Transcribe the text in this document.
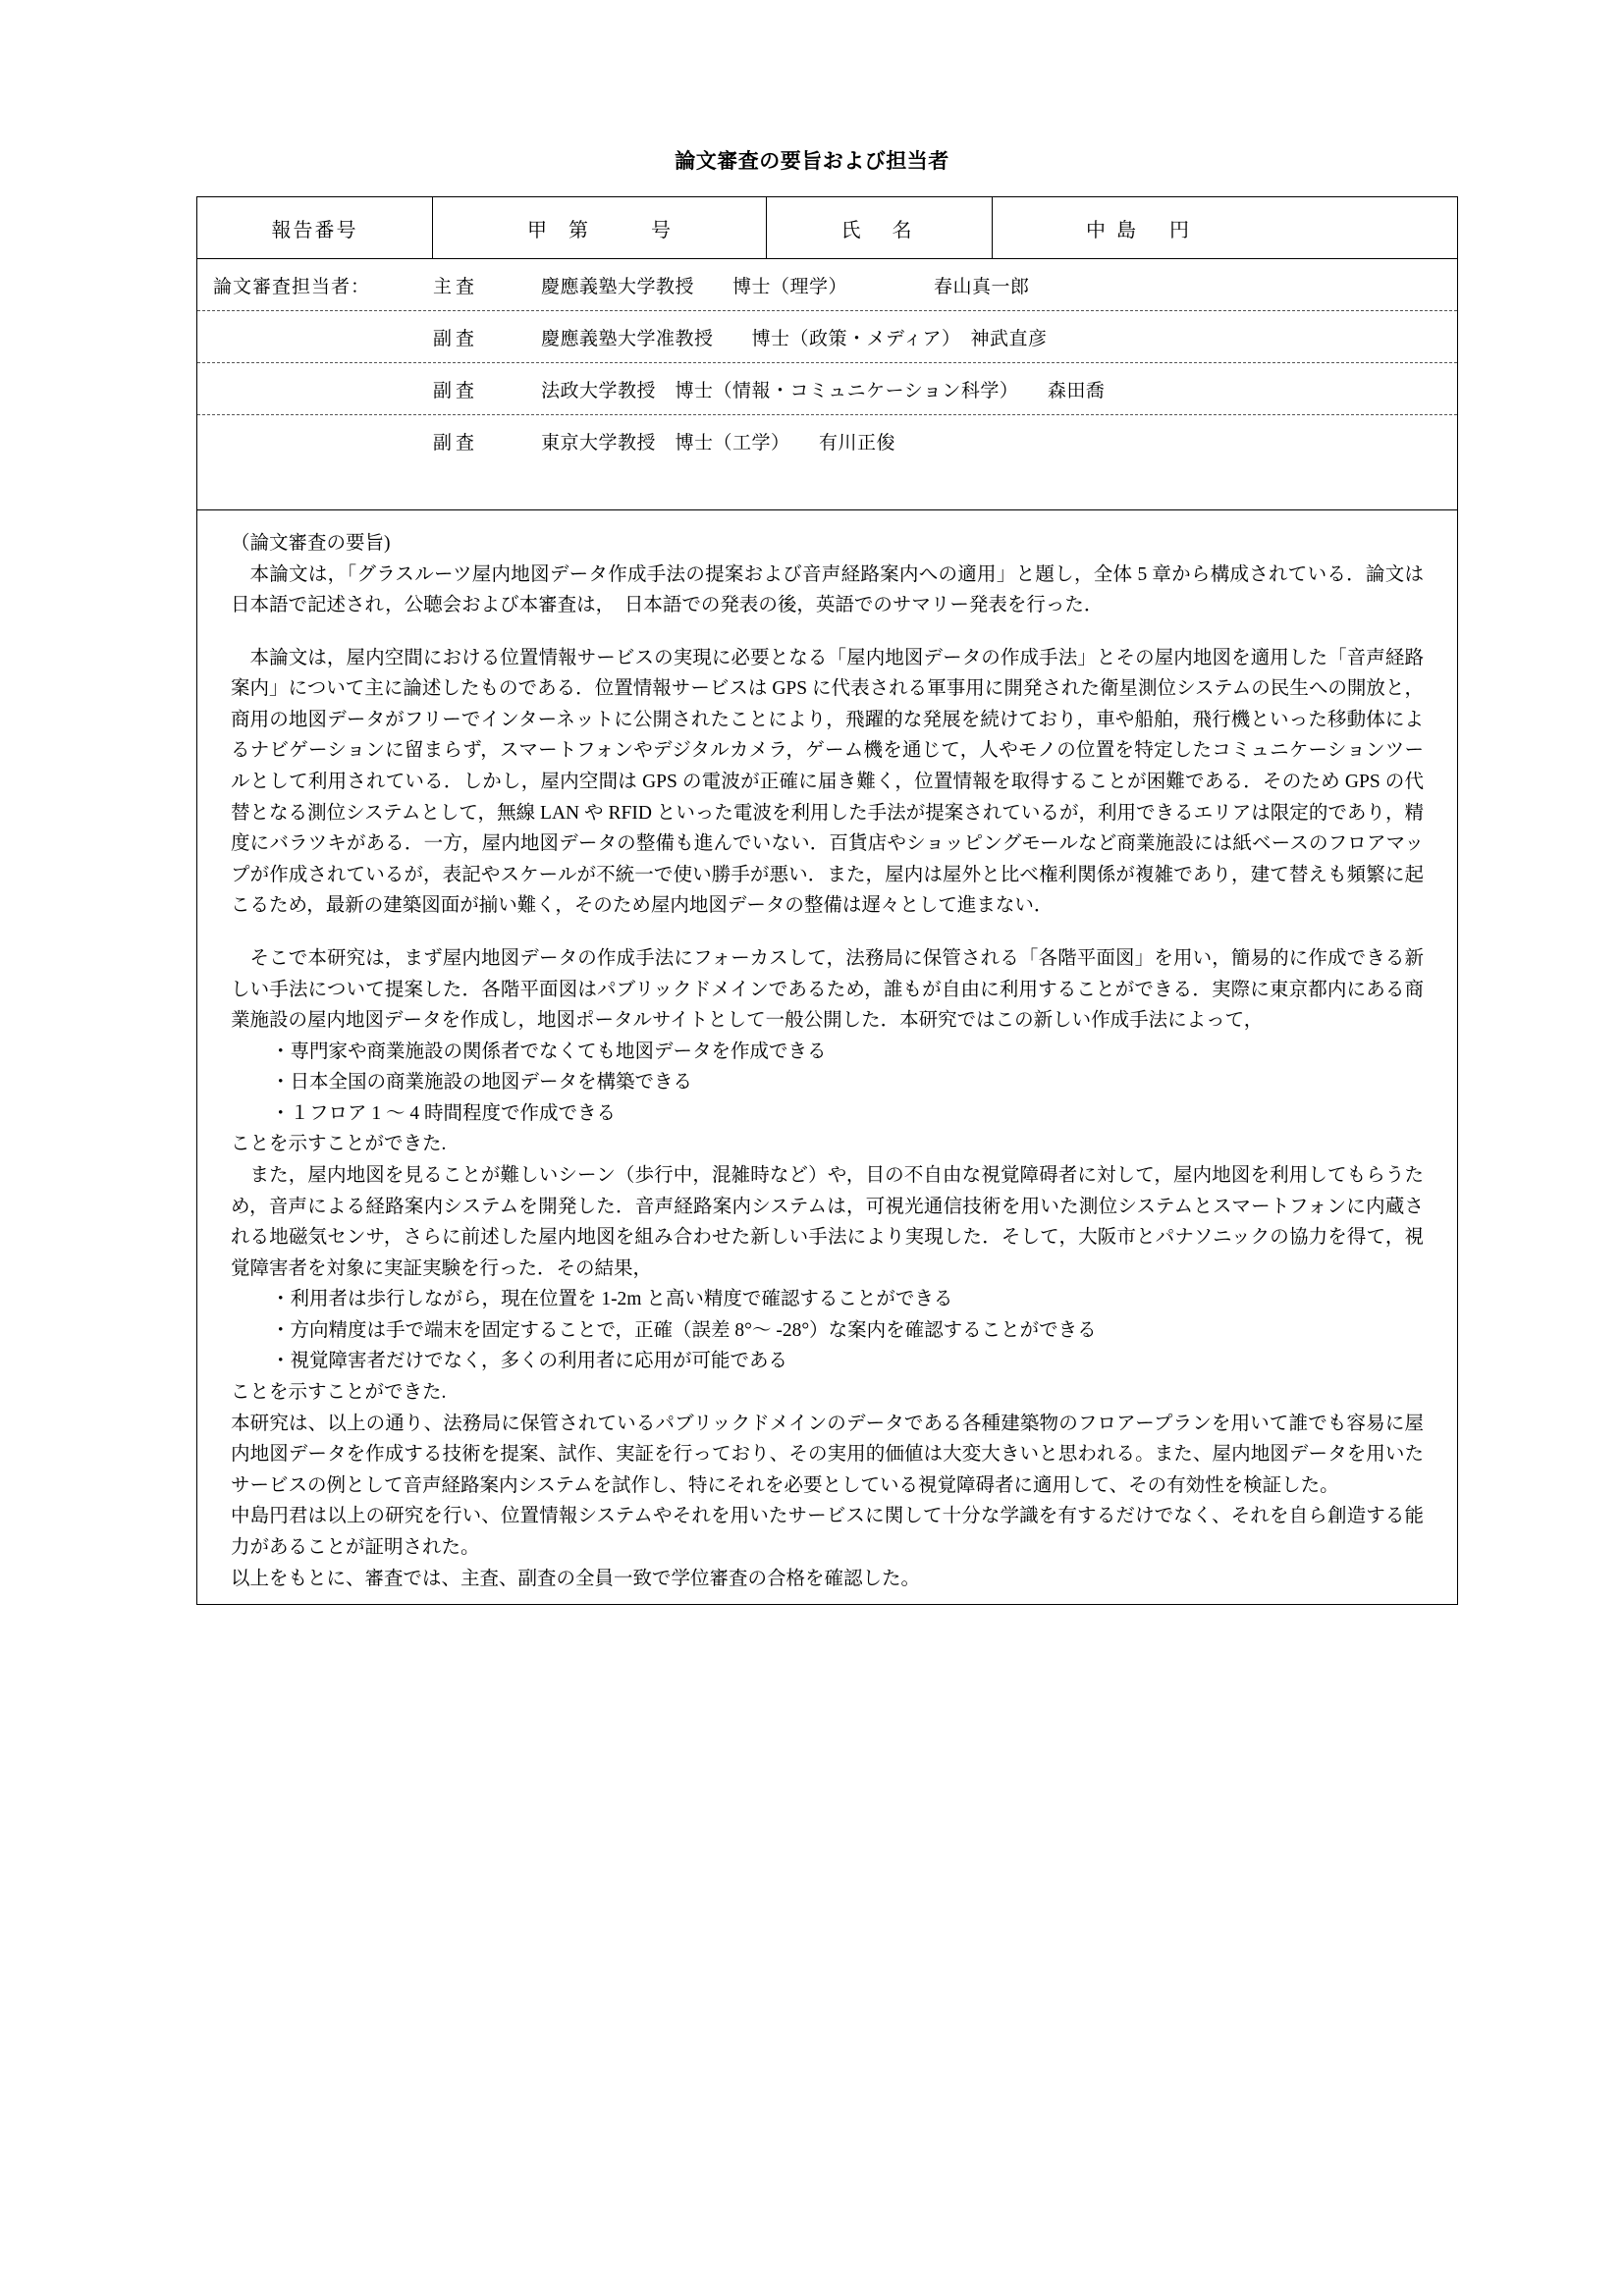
論文審査の要旨および担当者
報告番号	甲　第　　　号	氏　名	中 島 　円
論文審査担当者：	主査	慶應義塾大学教授　　博士（理学）　　　　　春山真一郎
副査	慶應義塾大学准教授　　博士（政策・メディア）　神武直彦
副査	法政大学教授　博士（情報・コミュニケーション科学）　　森田喬
副査	東京大学教授　博士（工学）　　有川正俊

（論文審査の要旨)

本論文は，「グラスルーツ屋内地図データ作成手法の提案および音声経路案内への適用」と題し，全体 5 章から構成されている．論文は日本語で記述され，公聴会および本審査は，　日本語での発表の後，英語でのサマリー発表を行った．

本論文は，屋内空間における位置情報サービスの実現に必要となる「屋内地図データの作成手法」とその屋内地図を適用した「音声経路案内」について主に論述したものである．位置情報サービスは GPS に代表される軍事用に開発された衛星測位システムの民生への開放と，商用の地図データがフリーでインターネットに公開されたことにより，飛躍的な発展を続けており，車や船舶，飛行機といった移動体によるナビゲーションに留まらず，スマートフォンやデジタルカメラ，ゲーム機を通じて，人やモノの位置を特定したコミュニケーションツールとして利用されている．しかし，屋内空間は GPS の電波が正確に届き難く，位置情報を取得することが困難である．そのため GPS の代替となる測位システムとして，無線 LAN や RFID といった電波を利用した手法が提案されているが，利用できるエリアは限定的であり，精度にバラツキがある．一方，屋内地図データの整備も進んでいない．百貨店やショッピングモールなど商業施設には紙ベースのフロアマップが作成されているが，表記やスケールが不統一で使い勝手が悪い．また，屋内は屋外と比べ権利関係が複雑であり，建て替えも頻繁に起こるため，最新の建築図面が揃い難く，そのため屋内地図データの整備は遅々として進まない．

そこで本研究は，まず屋内地図データの作成手法にフォーカスして，法務局に保管される「各階平面図」を用い，簡易的に作成できる新しい手法について提案した．各階平面図はパブリックドメインであるため，誰もが自由に利用することができる．実際に東京都内にある商業施設の屋内地図データを作成し，地図ポータルサイトとして一般公開した．本研究ではこの新しい作成手法によって，

・専門家や商業施設の関係者でなくても地図データを作成できる
・日本全国の商業施設の地図データを構築できる
・１フロア 1 〜 4 時間程度で作成できる

ことを示すことができた.

また，屋内地図を見ることが難しいシーン（歩行中，混雑時など）や，目の不自由な視覚障碍者に対して，屋内地図を利用してもらうため，音声による経路案内システムを開発した．音声経路案内システムは，可視光通信技術を用いた測位システムとスマートフォンに内蔵される地磁気センサ，さらに前述した屋内地図を組み合わせた新しい手法により実現した．そして，大阪市とパナソニックの協力を得て，視覚障害者を対象に実証実験を行った．その結果，

・利用者は歩行しながら，現在位置を 1-2m と高い精度で確認することができる
・方向精度は手で端末を固定することで，正確（誤差 8°〜 -28°）な案内を確認することができる
・視覚障害者だけでなく，多くの利用者に応用が可能である

ことを示すことができた.

本研究は、以上の通り、法務局に保管されているパブリックドメインのデータである各種建築物のフロアープランを用いて誰でも容易に屋内地図データを作成する技術を提案、試作、実証を行っており、その実用的価値は大変大きいと思われる。また、屋内地図データを用いたサービスの例として音声経路案内システムを試作し、特にそれを必要としている視覚障碍者に適用して、その有効性を検証した。

中島円君は以上の研究を行い、位置情報システムやそれを用いたサービスに関して十分な学識を有するだけでなく、それを自ら創造する能力があることが証明された。

以上をもとに、審査では、主査、副査の全員一致で学位審査の合格を確認した。
